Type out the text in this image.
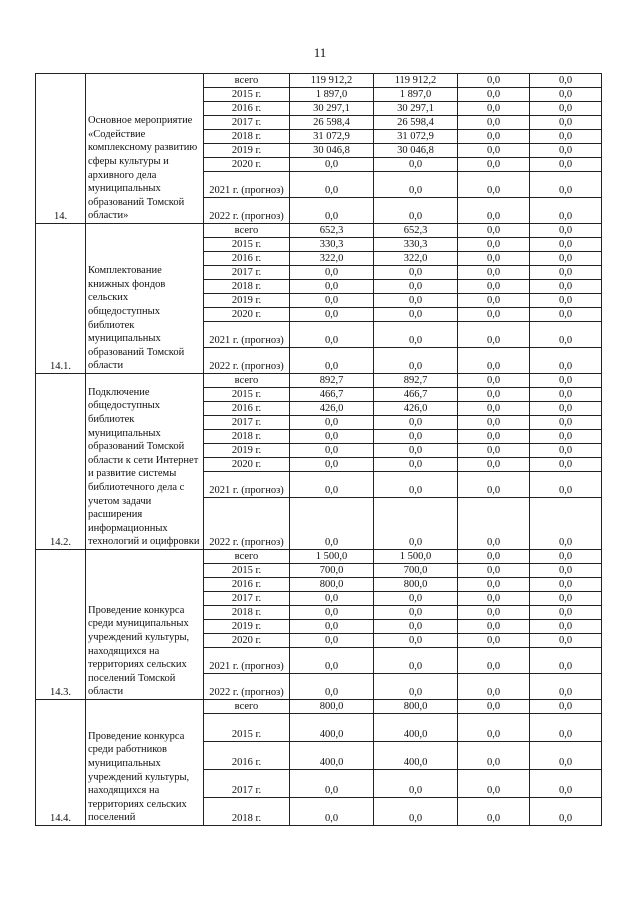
11
14.	Основное мероприятие «Содействие комплексному развитию сферы культуры и архивного дела муниципальных образований Томской области»	всего	119 912,2	119 912,2	0,0	0,0
		2015 г.	1 897,0	1 897,0	0,0	0,0
		2016 г.	30 297,1	30 297,1	0,0	0,0
		2017 г.	26 598,4	26 598,4	0,0	0,0
		2018 г.	31 072,9	31 072,9	0,0	0,0
		2019 г.	30 046,8	30 046,8	0,0	0,0
		2020 г.	0,0	0,0	0,0	0,0
		2021 г. (прогноз)	0,0	0,0	0,0	0,0
		2022 г. (прогноз)	0,0	0,0	0,0	0,0
14.1.	Комплектование книжных фондов сельских общедоступных библиотек муниципальных образований Томской области	всего	652,3	652,3	0,0	0,0
		2015 г.	330,3	330,3	0,0	0,0
		2016 г.	322,0	322,0	0,0	0,0
		2017 г.	0,0	0,0	0,0	0,0
		2018 г.	0,0	0,0	0,0	0,0
		2019 г.	0,0	0,0	0,0	0,0
		2020 г.	0,0	0,0	0,0	0,0
		2021 г. (прогноз)	0,0	0,0	0,0	0,0
		2022 г. (прогноз)	0,0	0,0	0,0	0,0
14.2.	Подключение общедоступных библиотек муниципальных образований Томской области к сети Интернет и развитие системы библиотечного дела с учетом задачи расширения информационных технологий и оцифровки	всего	892,7	892,7	0,0	0,0
		2015 г.	466,7	466,7	0,0	0,0
		2016 г.	426,0	426,0	0,0	0,0
		2017 г.	0,0	0,0	0,0	0,0
		2018 г.	0,0	0,0	0,0	0,0
		2019 г.	0,0	0,0	0,0	0,0
		2020 г.	0,0	0,0	0,0	0,0
		2021 г. (прогноз)	0,0	0,0	0,0	0,0
		2022 г. (прогноз)	0,0	0,0	0,0	0,0
14.3.	Проведение конкурса среди муниципальных учреждений культуры, находящихся на территориях сельских поселений Томской области	всего	1 500,0	1 500,0	0,0	0,0
		2015 г.	700,0	700,0	0,0	0,0
		2016 г.	800,0	800,0	0,0	0,0
		2017 г.	0,0	0,0	0,0	0,0
		2018 г.	0,0	0,0	0,0	0,0
		2019 г.	0,0	0,0	0,0	0,0
		2020 г.	0,0	0,0	0,0	0,0
		2021 г. (прогноз)	0,0	0,0	0,0	0,0
		2022 г. (прогноз)	0,0	0,0	0,0	0,0
14.4.	Проведение конкурса среди работников муниципальных учреждений культуры, находящихся на территориях сельских поселений	всего	800,0	800,0	0,0	0,0
		2015 г.	400,0	400,0	0,0	0,0
		2016 г.	400,0	400,0	0,0	0,0
		2017 г.	0,0	0,0	0,0	0,0
		2018 г.	0,0	0,0	0,0	0,0
